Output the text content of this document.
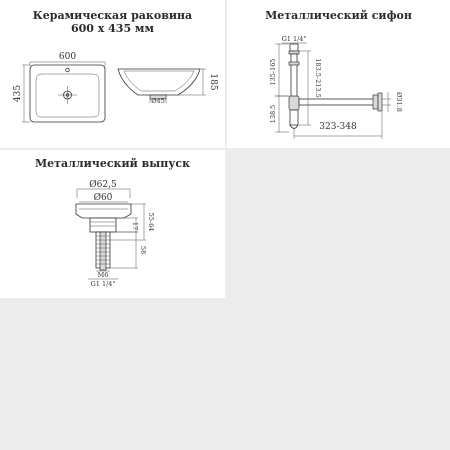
Керамическая раковина
600 x 435 мм
600
435	Ø45
185
Металлический сифон
G1 1/4"
135-165	183.5-213.5
138.5
323-348
Ø31.8
Металлический выпуск
Ø62,5
Ø60
17 55-64
58
M6
G1 1/4"
